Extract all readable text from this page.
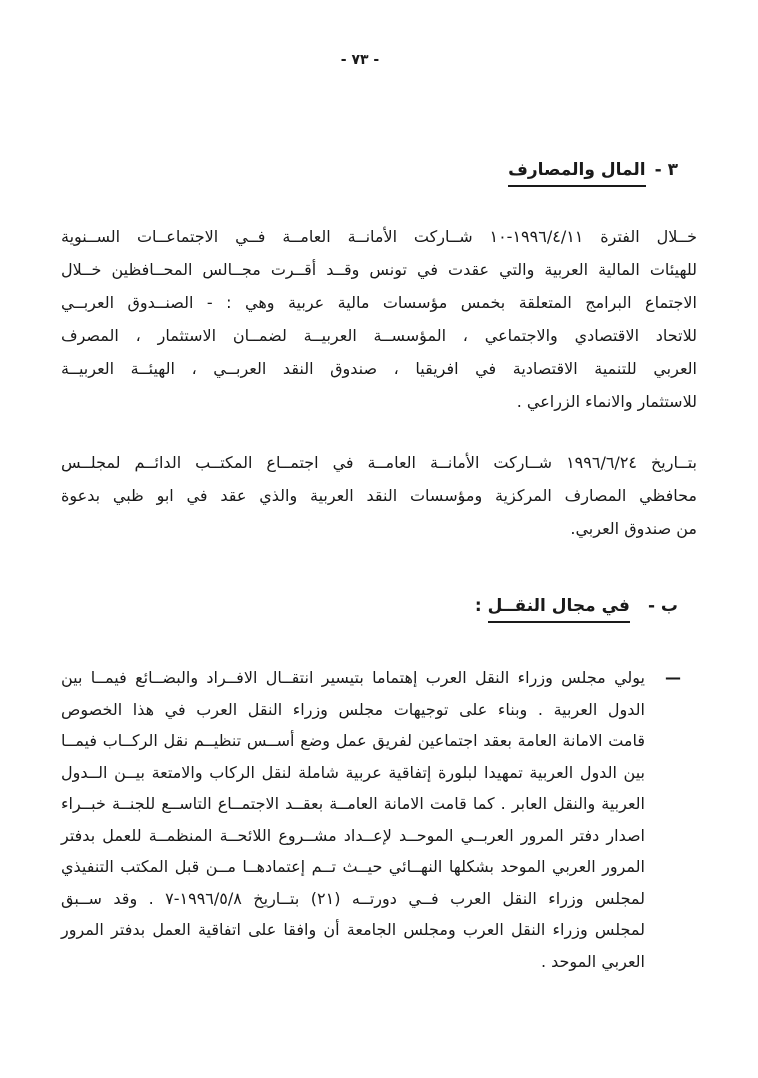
- ٧٣ -
٣ -المال والمصارف
خــلال الفترة ⁦١٩٩٦/٤/١١-١٠⁩ شــاركت الأمانــة العامــة فــي الاجتماعــات الســنوية
للهيئات المالية العربية والتي عقدت في تونس وقــد أقــرت مجــالس المحــافظين خــلال
الاجتماع البرامج المتعلقة بخمس مؤسسات مالية عربية وهي : - الصنــدوق العربــي
للاتحاد الاقتصادي والاجتماعي ، المؤسســة العربيــة لضمــان الاستثمار ، المصرف
العربي للتنمية الاقتصادية في افريقيا ، صندوق النقد العربــي ، الهيئــة العربيــة
للاستثمار والانماء الزراعي .
بتــاريخ ⁦١٩٩٦/٦/٢٤⁩ شــاركت الأمانــة العامــة في اجتمــاع المكتــب الدائــم لمجلــس
محافظي المصارف المركزية ومؤسسات النقد العربية والذي عقد في ابو ظبي بدعوة
من صندوق العربي.
ب -في مجال النقــل:
—
يولي مجلس وزراء النقل العرب إهتماما بتيسير انتقــال الافــراد والبضــائع فيمــا بين
الدول العربية . وبناء على توجيهات مجلس وزراء النقل العرب في هذا الخصوص
قامت الامانة العامة بعقد اجتماعين لفريق عمل وضع أســس تنظيــم نقل الركــاب فيمــا
بين الدول العربية تمهيدا لبلورة إتفاقية عربية شاملة لنقل الركاب والامتعة بيــن الــدول
العربية والنقل العابر . كما قامت الامانة العامــة بعقــد الاجتمــاع التاســع للجنــة خبــراء
اصدار دفتر المرور العربــي الموحــد لإعــداد مشــروع اللائحــة المنظمــة للعمل بدفتر
المرور العربي الموحد بشكلها النهــائي حيــث تــم إعتمادهــا مــن قبل المكتب التنفيذي
لمجلس وزراء النقل العرب فــي دورتــه (٢١) بتــاريخ ⁦١٩٩٦/٥/٨-٧⁩ . وقد ســبق
لمجلس وزراء النقل العرب ومجلس الجامعة أن وافقا على اتفاقية العمل بدفتر المرور
العربي الموحد .
